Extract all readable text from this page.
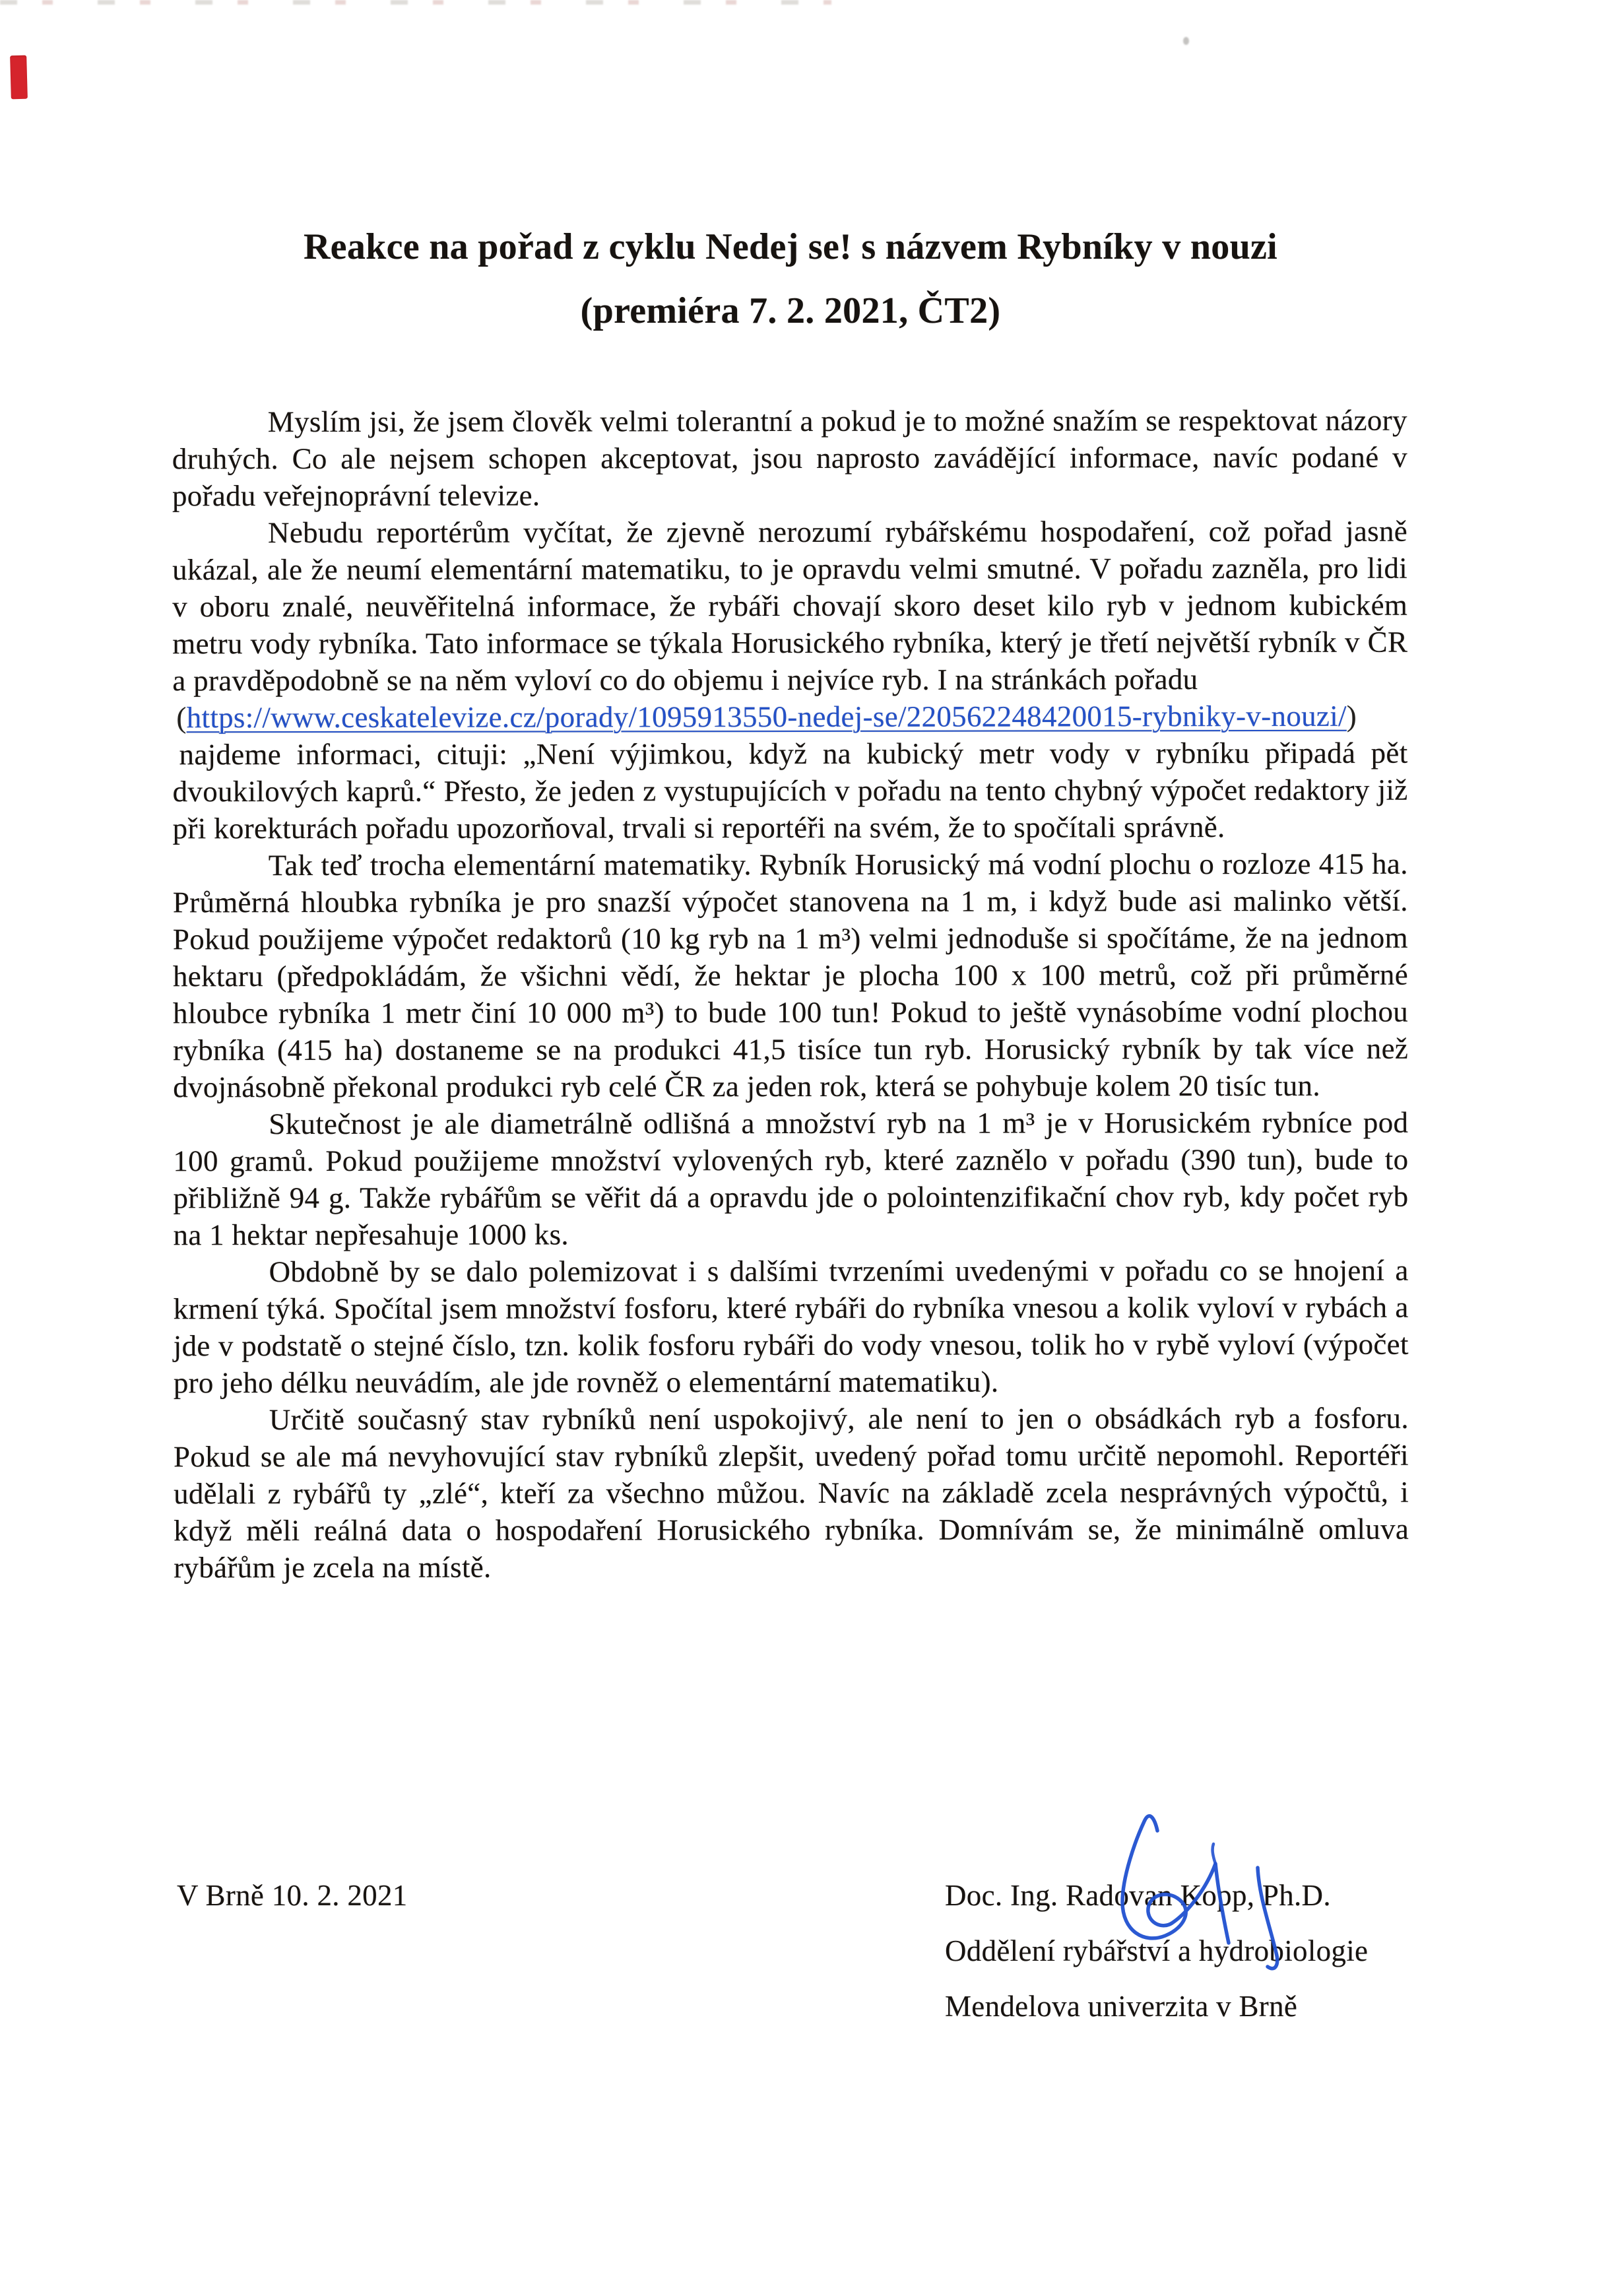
Reakce na pořad z cyklu Nedej se! s názvem Rybníky v nouzi
(premiéra 7. 2. 2021, ČT2)

Myslím jsi, že jsem člověk velmi tolerantní a pokud je to možné snažím se respektovat názory druhých. Co ale nejsem schopen akceptovat, jsou naprosto zavádějící informace, navíc podané v pořadu veřejnoprávní televize.

Nebudu reportérům vyčítat, že zjevně nerozumí rybářskému hospodaření, což pořad jasně ukázal, ale že neumí elementární matematiku, to je opravdu velmi smutné. V pořadu zazněla, pro lidi v oboru znalé, neuvěřitelná informace, že rybáři chovají skoro deset kilo ryb v jednom kubickém metru vody rybníka. Tato informace se týkala Horusického rybníka, který je třetí největší rybník v ČR a pravděpodobně se na něm vyloví co do objemu i nejvíce ryb. I na stránkách pořadu

(https://www.ceskatelevize.cz/porady/1095913550-nedej-se/220562248420015-rybniky-v-nouzi/)

najdeme informaci, cituji: „Není výjimkou, když na kubický metr vody v rybníku připadá pět dvoukilových kaprů.“ Přesto, že jeden z vystupujících v pořadu na tento chybný výpočet redaktory již při korekturách pořadu upozorňoval, trvali si reportéři na svém, že to spočítali správně.

Tak teď trocha elementární matematiky. Rybník Horusický má vodní plochu o rozloze 415 ha. Průměrná hloubka rybníka je pro snazší výpočet stanovena na 1 m, i když bude asi malinko větší. Pokud použijeme výpočet redaktorů (10 kg ryb na 1 m³) velmi jednoduše si spočítáme, že na jednom hektaru (předpokládám, že všichni vědí, že hektar je plocha 100 x 100 metrů, což při průměrné hloubce rybníka 1 metr činí 10 000 m³) to bude 100 tun! Pokud to ještě vynásobíme vodní plochou rybníka (415 ha) dostaneme se na produkci 41,5 tisíce tun ryb. Horusický rybník by tak více než dvojnásobně překonal produkci ryb celé ČR za jeden rok, která se pohybuje kolem 20 tisíc tun.

Skutečnost je ale diametrálně odlišná a množství ryb na 1 m³ je v Horusickém rybníce pod 100 gramů. Pokud použijeme množství vylovených ryb, které zaznělo v pořadu (390 tun), bude to přibližně 94 g. Takže rybářům se věřit dá a opravdu jde o polointenzifikační chov ryb, kdy počet ryb na 1 hektar nepřesahuje 1000 ks.

Obdobně by se dalo polemizovat i s dalšími tvrzeními uvedenými v pořadu co se hnojení a krmení týká. Spočítal jsem množství fosforu, které rybáři do rybníka vnesou a kolik vyloví v rybách a jde v podstatě o stejné číslo, tzn. kolik fosforu rybáři do vody vnesou, tolik ho v rybě vyloví (výpočet pro jeho délku neuvádím, ale jde rovněž o elementární matematiku).

Určitě současný stav rybníků není uspokojivý, ale není to jen o obsádkách ryb a fosforu. Pokud se ale má nevyhovující stav rybníků zlepšit, uvedený pořad tomu určitě nepomohl. Reportéři udělali z rybářů ty „zlé“, kteří za všechno můžou. Navíc na základě zcela nesprávných výpočtů, i když měli reálná data o hospodaření Horusického rybníka. Domnívám se, že minimálně omluva rybářům je zcela na místě.

V Brně 10. 2. 2021	Doc. Ing. Radovan Kopp, Ph.D.
Oddělení rybářství a hydrobiologie
Mendelova univerzita v Brně
